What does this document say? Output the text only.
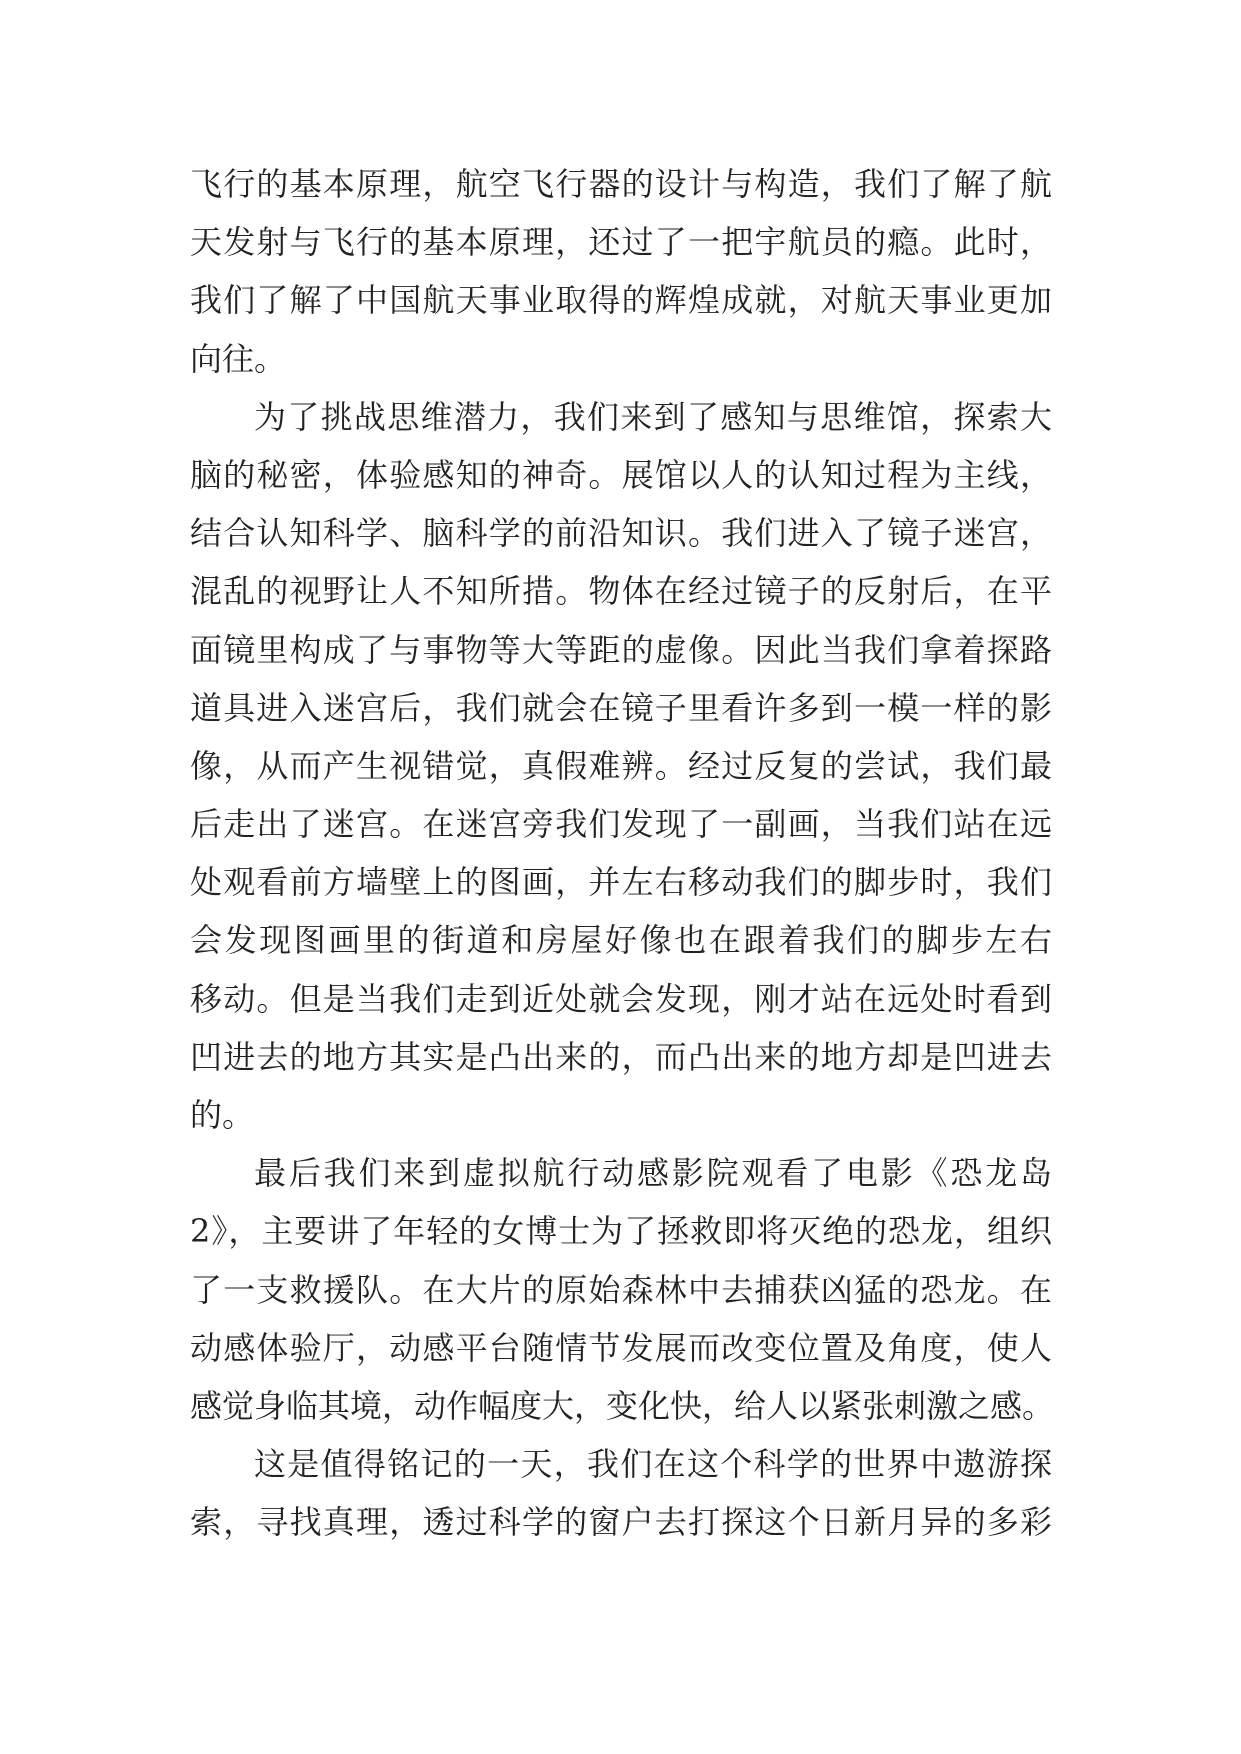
飞行的基本原理，航空飞行器的设计与构造，我们了解了航
天发射与飞行的基本原理，还过了一把宇航员的瘾。此时，
我们了解了中国航天事业取得的辉煌成就，对航天事业更加
向往。
为了挑战思维潜力，我们来到了感知与思维馆，探索大
脑的秘密，体验感知的神奇。展馆以人的认知过程为主线，
结合认知科学、脑科学的前沿知识。我们进入了镜子迷宫，
混乱的视野让人不知所措。物体在经过镜子的反射后，在平
面镜里构成了与事物等大等距的虚像。因此当我们拿着探路
道具进入迷宫后，我们就会在镜子里看许多到一模一样的影
像，从而产生视错觉，真假难辨。经过反复的尝试，我们最
后走出了迷宫。在迷宫旁我们发现了一副画，当我们站在远
处观看前方墙壁上的图画，并左右移动我们的脚步时，我们
会发现图画里的街道和房屋好像也在跟着我们的脚步左右
移动。但是当我们走到近处就会发现，刚才站在远处时看到
凹进去的地方其实是凸出来的，而凸出来的地方却是凹进去
的。
最后我们来到虚拟航行动感影院观看了电影《恐龙岛
2》，主要讲了年轻的女博士为了拯救即将灭绝的恐龙，组织
了一支救援队。在大片的原始森林中去捕获凶猛的恐龙。在
动感体验厅，动感平台随情节发展而改变位置及角度，使人
感觉身临其境，动作幅度大，变化快，给人以紧张刺激之感。
这是值得铭记的一天，我们在这个科学的世界中遨游探
索，寻找真理，透过科学的窗户去打探这个日新月异的多彩
